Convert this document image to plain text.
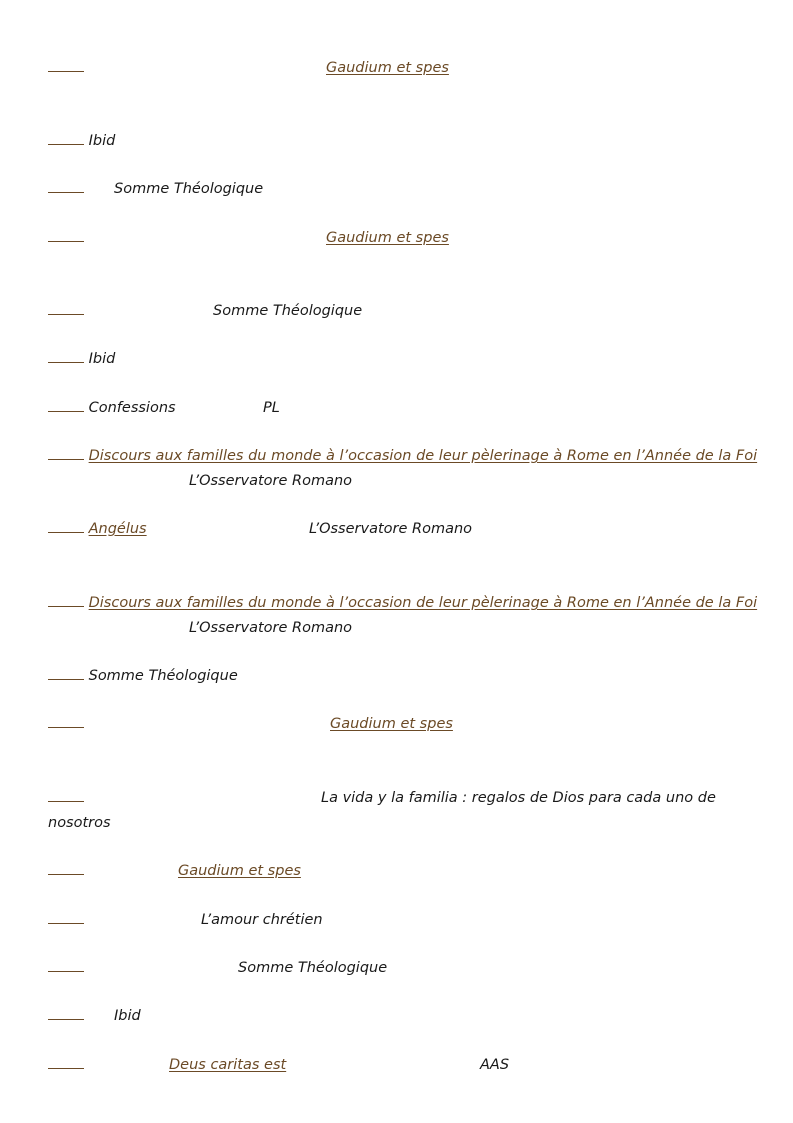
Gaudium et spes
Ibid
Somme Théologique
Gaudium et spes
Somme Théologique
Ibid
Confessions	PL
Discours aux familles du monde à l’occasion de leur pèlerinage à Rome en l’Année de la Foi
L’Osservatore Romano
Angélus	L’Osservatore Romano
Discours aux familles du monde à l’occasion de leur pèlerinage à Rome en l’Année de la Foi
L’Osservatore Romano
Somme Théologique
Gaudium et spes
La vida y la familia : regalos de Dios para cada uno de
nosotros
Gaudium et spes
L’amour chrétien
Somme Théologique
Ibid
Deus caritas est	AAS
